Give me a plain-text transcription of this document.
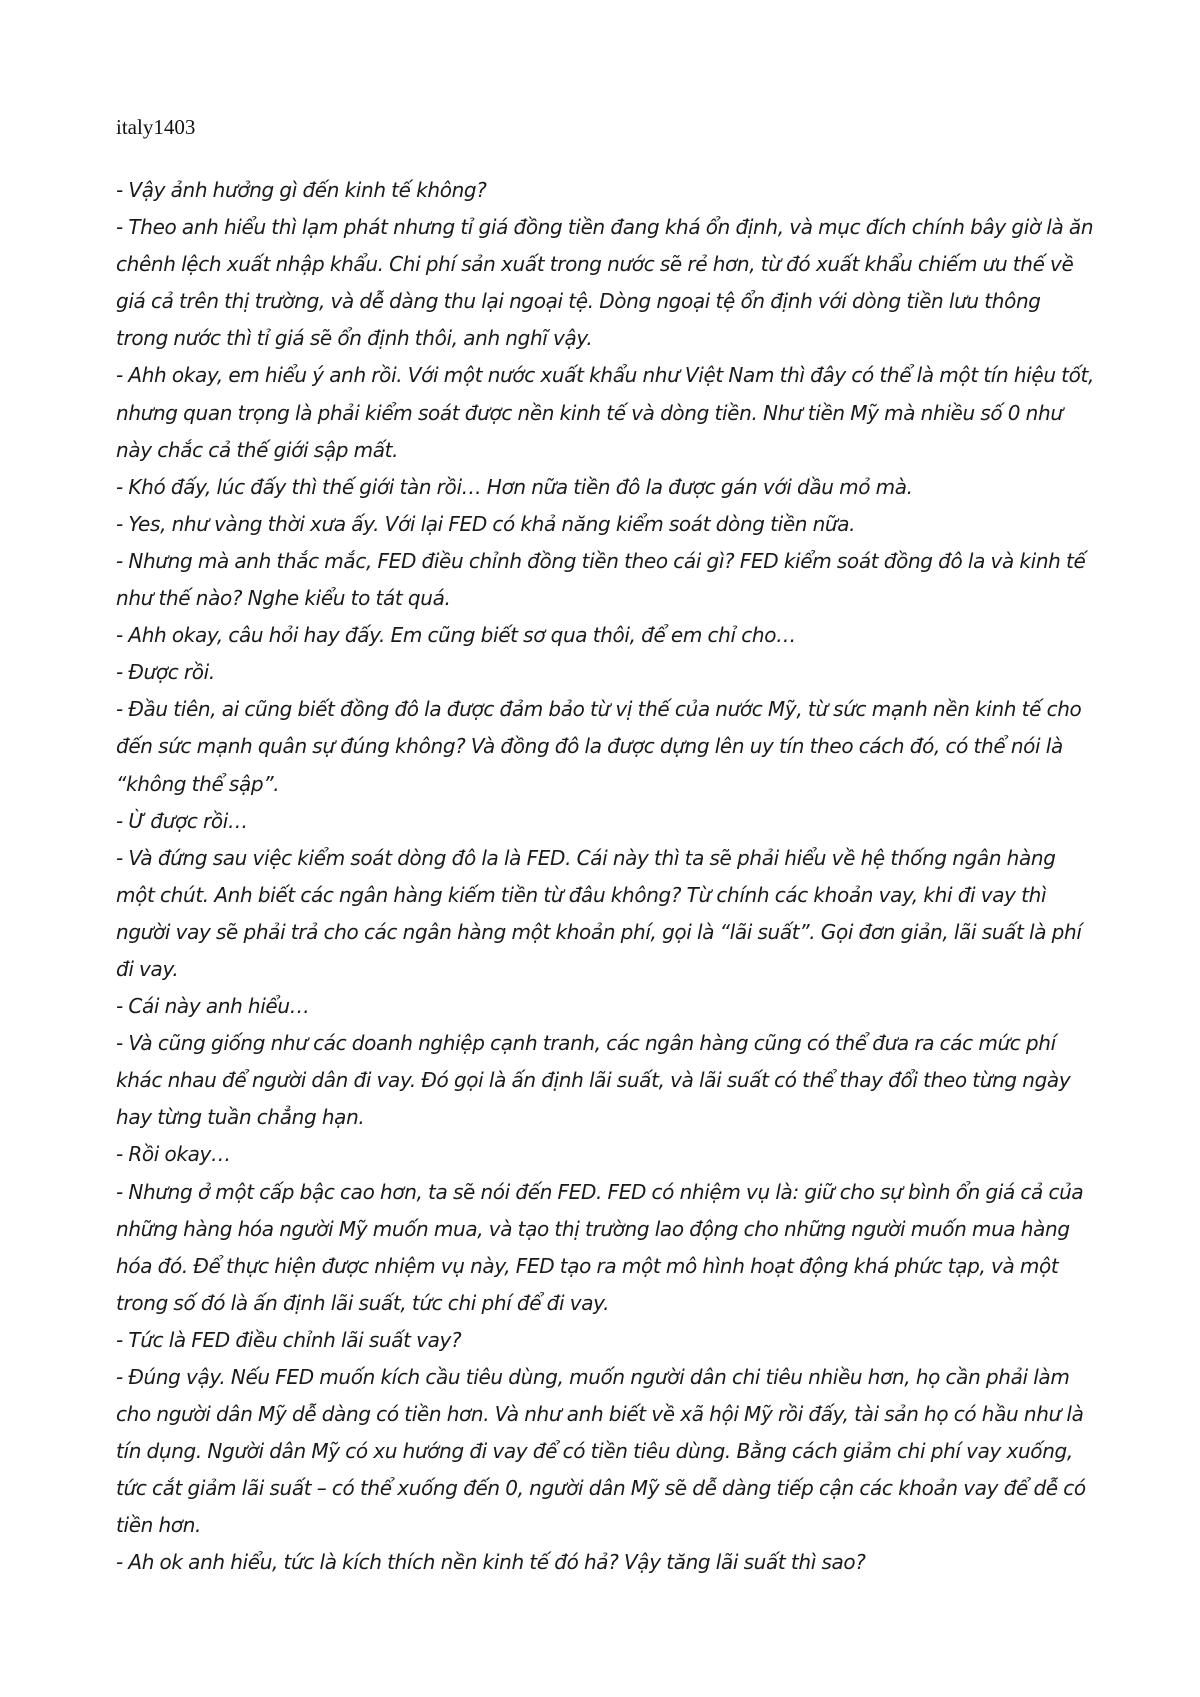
italy1403

- Vậy ảnh hưởng gì đến kinh tế không?

- Theo anh hiểu thì lạm phát nhưng tỉ giá đồng tiền đang khá ổn định, và mục đích chính bây giờ là ăn chênh lệch xuất nhập khẩu. Chi phí sản xuất trong nước sẽ rẻ hơn, từ đó xuất khẩu chiếm ưu thế về giá cả trên thị trường, và dễ dàng thu lại ngoại tệ. Dòng ngoại tệ ổn định với dòng tiền lưu thông trong nước thì tỉ giá sẽ ổn định thôi, anh nghĩ vậy.

- Ahh okay, em hiểu ý anh rồi. Với một nước xuất khẩu như Việt Nam thì đây có thể là một tín hiệu tốt, nhưng quan trọng là phải kiểm soát được nền kinh tế và dòng tiền. Như tiền Mỹ mà nhiều số 0 như này chắc cả thế giới sập mất.

- Khó đấy, lúc đấy thì thế giới tàn rồi… Hơn nữa tiền đô la được gán với dầu mỏ mà.

- Yes, như vàng thời xưa ấy. Với lại FED có khả năng kiểm soát dòng tiền nữa.

- Nhưng mà anh thắc mắc, FED điều chỉnh đồng tiền theo cái gì? FED kiểm soát đồng đô la và kinh tế như thế nào? Nghe kiểu to tát quá.

- Ahh okay, câu hỏi hay đấy. Em cũng biết sơ qua thôi, để em chỉ cho…

- Được rồi.

- Đầu tiên, ai cũng biết đồng đô la được đảm bảo từ vị thế của nước Mỹ, từ sức mạnh nền kinh tế cho đến sức mạnh quân sự đúng không? Và đồng đô la được dựng lên uy tín theo cách đó, có thể nói là “không thể sập”.

- Ừ được rồi…

- Và đứng sau việc kiểm soát dòng đô la là FED. Cái này thì ta sẽ phải hiểu về hệ thống ngân hàng một chút. Anh biết các ngân hàng kiếm tiền từ đâu không? Từ chính các khoản vay, khi đi vay thì người vay sẽ phải trả cho các ngân hàng một khoản phí, gọi là “lãi suất”. Gọi đơn giản, lãi suất là phí đi vay.

- Cái này anh hiểu…

- Và cũng giống như các doanh nghiệp cạnh tranh, các ngân hàng cũng có thể đưa ra các mức phí khác nhau để người dân đi vay. Đó gọi là ấn định lãi suất, và lãi suất có thể thay đổi theo từng ngày hay từng tuần chẳng hạn.

- Rồi okay…

- Nhưng ở một cấp bậc cao hơn, ta sẽ nói đến FED. FED có nhiệm vụ là: giữ cho sự bình ổn giá cả của những hàng hóa người Mỹ muốn mua, và tạo thị trường lao động cho những người muốn mua hàng hóa đó. Để thực hiện được nhiệm vụ này, FED tạo ra một mô hình hoạt động khá phức tạp, và một trong số đó là ấn định lãi suất, tức chi phí để đi vay.

- Tức là FED điều chỉnh lãi suất vay?

- Đúng vậy. Nếu FED muốn kích cầu tiêu dùng, muốn người dân chi tiêu nhiều hơn, họ cần phải làm cho người dân Mỹ dễ dàng có tiền hơn. Và như anh biết về xã hội Mỹ rồi đấy, tài sản họ có hầu như là tín dụng. Người dân Mỹ có xu hướng đi vay để có tiền tiêu dùng. Bằng cách giảm chi phí vay xuống, tức cắt giảm lãi suất – có thể xuống đến 0, người dân Mỹ sẽ dễ dàng tiếp cận các khoản vay để dễ có tiền hơn.

- Ah ok anh hiểu, tức là kích thích nền kinh tế đó hả? Vậy tăng lãi suất thì sao?
